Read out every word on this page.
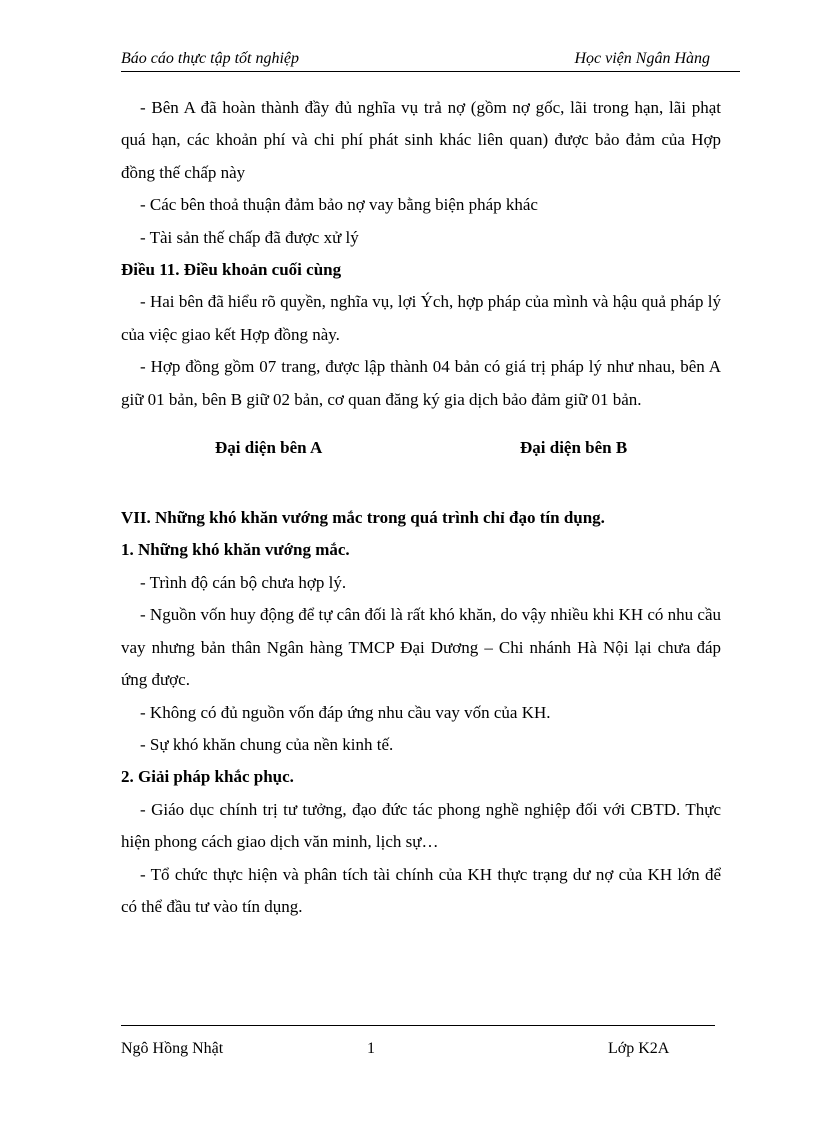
Báo cáo thực tập tốt nghiệp	Học viện Ngân Hàng

- Bên A đã hoàn thành đầy đủ nghĩa vụ trả nợ (gồm nợ gốc, lãi trong hạn, lãi phạt quá hạn, các khoản phí và chi phí phát sinh khác liên quan) được bảo đảm của Hợp đồng thế chấp này

- Các bên thoả thuận đảm bảo nợ vay bằng biện pháp khác

- Tài sản thế chấp đã được xử lý

Điều 11. Điều khoản cuối cùng

- Hai bên đã hiểu rõ quyền, nghĩa vụ, lợi Ých, hợp pháp của mình và hậu quả pháp lý của việc giao kết Hợp đồng này.

- Hợp đồng gồm 07 trang, được lập thành 04 bản có giá trị pháp lý như nhau, bên A giữ 01 bản, bên B giữ 02 bản, cơ quan đăng ký gia dịch bảo đảm giữ 01 bản.

Đại diện bên A	Đại diện bên B

VII. Những khó khăn vướng mắc trong quá trình chỉ đạo tín dụng.

1. Những khó khăn vướng mắc.

- Trình độ cán bộ chưa hợp lý.

- Nguồn vốn huy động để tự cân đối là rất khó khăn, do vậy nhiều khi KH có nhu cầu vay nhưng bản thân Ngân hàng TMCP Đại Dương – Chi nhánh Hà Nội lại chưa đáp ứng được.

- Không có đủ nguồn vốn đáp ứng nhu cầu vay vốn của KH.

- Sự khó khăn chung của nền kinh tế.

2. Giải pháp khắc phục.

- Giáo dục chính trị tư tưởng, đạo đức tác phong nghề nghiệp đối với CBTD. Thực hiện phong cách giao dịch văn minh, lịch sự…

- Tổ chức thực hiện và phân tích tài chính của KH thực trạng dư nợ của KH lớn để có thể đầu tư vào tín dụng.

Ngô Hồng Nhật	1	Lớp K2A
